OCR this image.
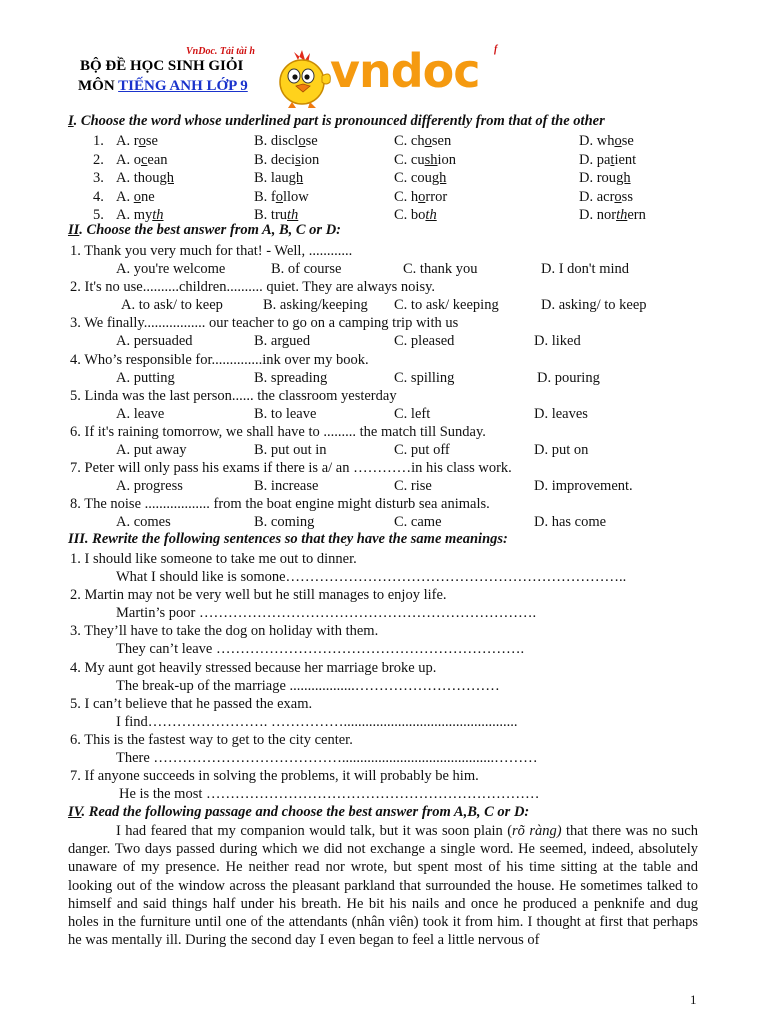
VnDoc. Tải tài h	f
BỘ ĐỀ HỌC SINH GIỎI
MÔN TIẾNG ANH LỚP 9 vndoc
I. Choose the word whose underlined part is pronounced differently from that of the other
1. A. rose	B. disclose	C. chosen	D. whose
2. A. ocean	B. decision	C. cushion	D. patient
3. A. though	B. laugh	C. cough	D. rough
4. A. one	B. follow	C. horror	D. across
5. A. myth	B. truth	C. both	D. northern
II. Choose the best answer from A, B, C or D:
1. Thank you very much for that! - Well, ............
A. you're welcome	B. of course	C. thank you	D. I don't mind
2. It's no use..........children.......... quiet. They are always noisy.
A. to ask/ to keep	B. asking/keeping C. to ask/ keeping	D. asking/ to keep
3. We finally................. our teacher to go on a camping trip with us
A. persuaded	B. argued	C. pleased	D. liked
4. Who’s responsible for..............ink over my book.
A. putting	B. spreading	C. spilling	D. pouring
5. Linda was the last person...... the classroom yesterday
A. leave	B. to leave	C. left	D. leaves
6. If it's raining tomorrow, we shall have to ......... the match till Sunday.
A. put away	B. put out in	C. put off	D. put on
7. Peter will only pass his exams if there is a/ an …………in his class work.
A. progress	B. increase	C. rise	D. improvement.
8. The noise .................. from the boat engine might disturb sea animals.
A. comes	B. coming	C. came	D. has come
III. Rewrite the following sentences so that they have the same meanings:
1. I should like someone to take me out to dinner.
What I should like is somone……………………………………………………………..
2. Martin may not be very well but he still manages to enjoy life.
Martin’s poor …………………………………………………………….
3. They’ll have to take the dog on holiday with them.
They can’t leave ……………………………………………………….
4. My aunt got heavily stressed because her marriage broke up.
The break-up of the marriage ..................…………………………
5. I can’t believe that he passed the exam.
I find……………………. ……………................................................
6. This is the fastest way to get to the city center.
There …………………………………..........................................………
7. If anyone succeeds in solving the problems, it will probably be him.
He is the most ……………………………………………………………
IV. Read the following passage and choose the best answer from A,B, C or D:
I had feared that my companion would talk, but it was soon plain (rõ ràng) that there was no such danger. Two days passed during which we did not exchange a single word. He seemed, indeed, absolutely unaware of my presence. He neither read nor wrote, but spent most of his time sitting at the table and looking out of the window across the pleasant parkland that surrounded the house. He sometimes talked to himself and said things half under his breath. He bit his nails and once he produced a penknife and dug holes in the furniture until one of the attendants (nhân viên) took it from him. I thought at first that perhaps he was mentally ill. During the second day I even began to feel a little nervous of
1
